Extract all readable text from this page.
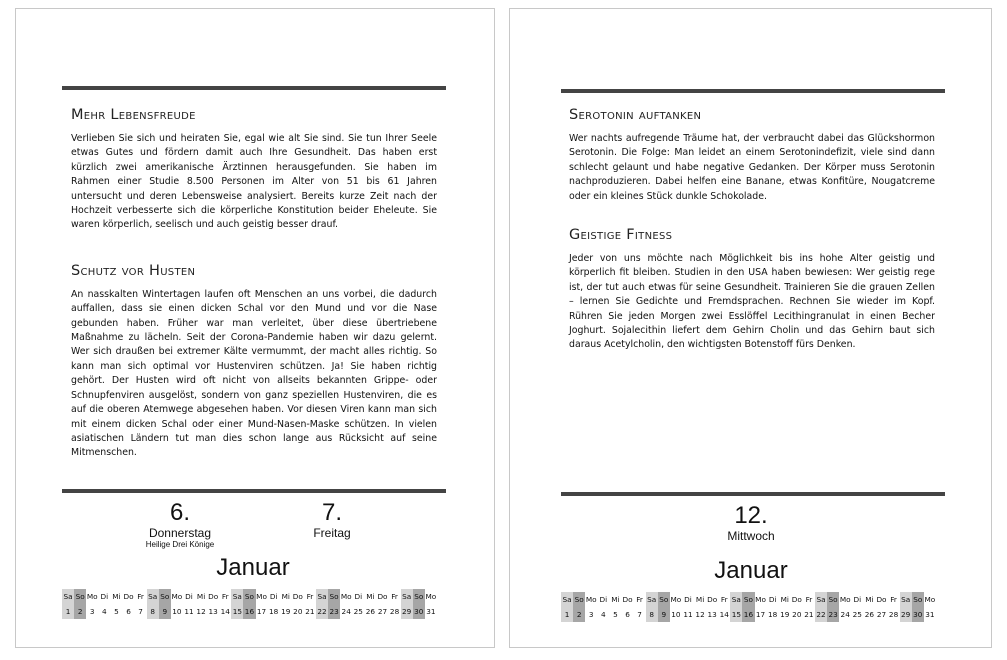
Mehr Lebensfreude

Verlieben Sie sich und heiraten Sie, egal wie alt Sie sind. Sie tun Ihrer Seele etwas Gutes und fördern damit auch Ihre Gesundheit. Das haben erst kürzlich zwei amerikanische Ärztinnen herausgefunden. Sie haben im Rahmen einer Studie 8.500 Personen im Alter von 51 bis 61 Jahren untersucht und deren Lebensweise analysiert. Bereits kurze Zeit nach der Hochzeit verbesserte sich die körperliche Konstitution beider Eheleute. Sie waren körperlich, seelisch und auch geistig besser drauf.

Schutz vor Husten

An nasskalten Wintertagen laufen oft Menschen an uns vorbei, die dadurch auffallen, dass sie einen dicken Schal vor den Mund und vor die Nase gebunden haben. Früher war man verleitet, über diese übertriebene Maßnahme zu lächeln. Seit der Corona-Pandemie haben wir dazu gelernt. Wer sich draußen bei extremer Kälte vermummt, der macht alles richtig. So kann man sich optimal vor Hustenviren schützen. Ja! Sie haben richtig gehört. Der Husten wird oft nicht von allseits bekannten Grippe- oder Schnupfenviren ausgelöst, sondern von ganz speziellen Hustenviren, die es auf die oberen Atemwege abgesehen haben. Vor diesen Viren kann man sich mit einem dicken Schal oder einer Mund-Nasen-Maske schützen. In vielen asiatischen Ländern tut man dies schon lange aus Rücksicht auf seine Mitmenschen.

6.
Donnerstag
Heilige Drei Könige
7.
Freitag
Januar
Sa So Mo Di Mi Do Fr Sa So Mo Di Mi Do Fr Sa So Mo Di Mi Do Fr Sa So Mo Di Mi Do Fr Sa So Mo
1	2	3	4	5	6	7	8	9 10 11 12 13 14 15 16 17 18 19 20 21 22 23 24 25 26 27 28 29 30 31
Serotonin auftanken

Wer nachts aufregende Träume hat, der verbraucht dabei das Glückshormon Serotonin. Die Folge: Man leidet an einem Serotonindefizit, viele sind dann schlecht gelaunt und habe negative Gedanken. Der Körper muss Serotonin nachproduzieren. Dabei helfen eine Banane, etwas Konfitüre, Nougatcreme oder ein kleines Stück dunkle Schokolade.

Geistige Fitness

Jeder von uns möchte nach Möglichkeit bis ins hohe Alter geistig und körperlich fit bleiben. Studien in den USA haben bewiesen: Wer geistig rege ist, der tut auch etwas für seine Gesundheit. Trainieren Sie die grauen Zellen – lernen Sie Gedichte und Fremdsprachen. Rechnen Sie wieder im Kopf. Rühren Sie jeden Morgen zwei Esslöffel Lecithingranulat in einen Becher Joghurt. Sojalecithin liefert dem Gehirn Cholin und das Gehirn baut sich daraus Acetylcholin, den wichtigsten Botenstoff fürs Denken.

12.
Mittwoch
Januar
Sa So Mo Di Mi Do Fr Sa So Mo Di Mi Do Fr Sa So Mo Di Mi Do Fr Sa So Mo Di Mi Do Fr Sa So Mo
1	2	3	4	5	6	7	8	9 10 11 12 13 14 15 16 17 18 19 20 21 22 23 24 25 26 27 28 29 30 31
